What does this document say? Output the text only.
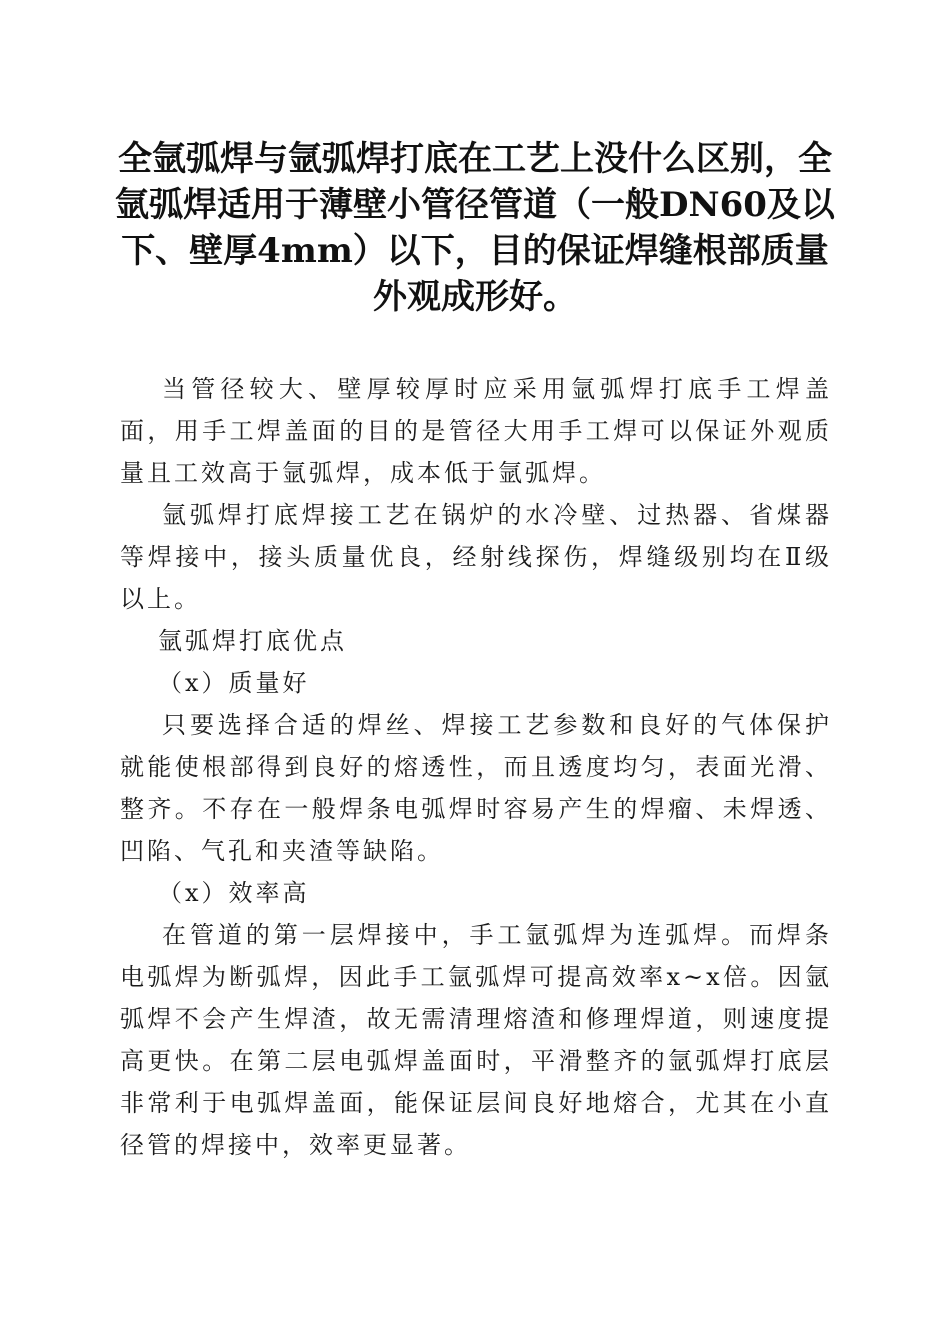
全氩弧焊与氩弧焊打底在工艺上没什么区别，全氩弧焊适用于薄壁小管径管道（一般DN60及以下、壁厚4mm）以下，目的保证焊缝根部质量外观成形好。

当管径较大、壁厚较厚时应采用氩弧焊打底手工焊盖面，用手工焊盖面的目的是管径大用手工焊可以保证外观质量且工效高于氩弧焊，成本低于氩弧焊。

氩弧焊打底焊接工艺在锅炉的水冷壁、过热器、省煤器等焊接中，接头质量优良，经射线探伤，焊缝级别均在Ⅱ级以上。

氩弧焊打底优点

（x）质量好

只要选择合适的焊丝、焊接工艺参数和良好的气体保护就能使根部得到良好的熔透性，而且透度均匀，表面光滑、整齐。不存在一般焊条电弧焊时容易产生的焊瘤、未焊透、凹陷、气孔和夹渣等缺陷。

（x）效率高

在管道的第一层焊接中，手工氩弧焊为连弧焊。而焊条电弧焊为断弧焊，因此手工氩弧焊可提高效率x~x倍。因氩弧焊不会产生焊渣，故无需清理熔渣和修理焊道，则速度提高更快。在第二层电弧焊盖面时，平滑整齐的氩弧焊打底层非常利于电弧焊盖面，能保证层间良好地熔合，尤其在小直径管的焊接中，效率更显著。
